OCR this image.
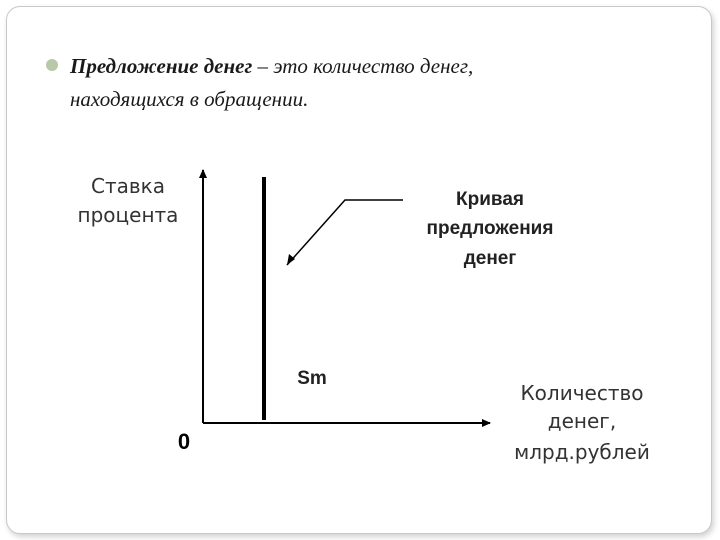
Предложение денег – это количество денег,
находящихся в обращении.
Ставка
процента
Количество
денег,
млрд.рублей
0
Sm
Кривая
предложения
денег
